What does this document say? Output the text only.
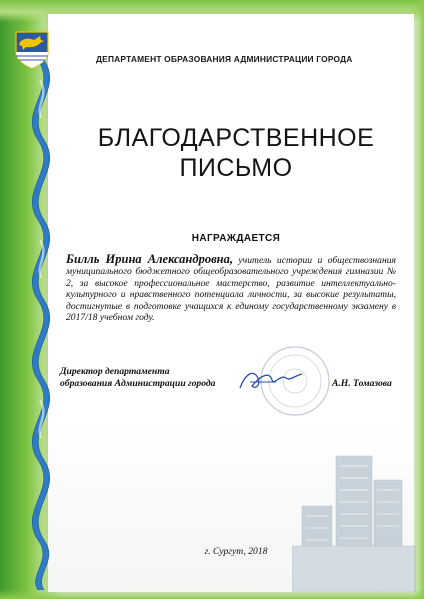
ДЕПАРТАМЕНТ ОБРАЗОВАНИЯ АДМИНИСТРАЦИИ ГОРОДА
БЛАГОДАРСТВЕННОЕ
ПИСЬМО
НАГРАЖДАЕТСЯ
Билль Ирина Александровна, учитель истории и обществознания муниципального бюджетного общеобразовательного учреждения гимназии № 2, за высокое профессиональное мастерство, развитие интеллектуально-культурного и нравственного потенциала личности, за высокие результаты, достигнутые в подготовке учащихся к единому государственному экзамену в 2017/18 учебном году.
Директор департамента
образования Администрации города	А.Н. Томазова
г. Сургут, 2018
